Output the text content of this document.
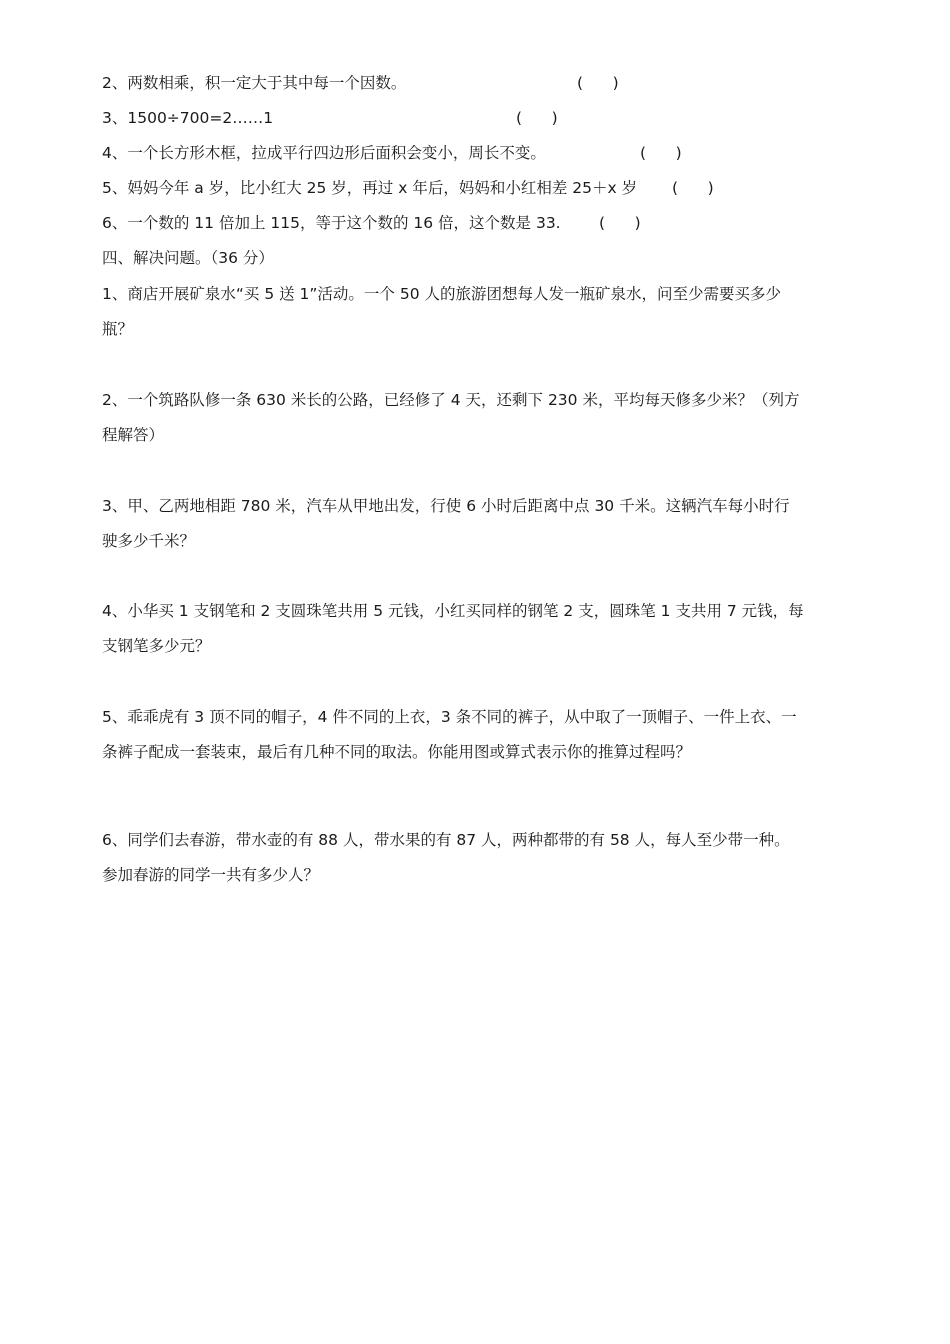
2、两数相乘，积一定大于其中每一个因数。	(      )
3、1500÷700=2……1	(      )
4、一个长方形木框，拉成平行四边形后面积会变小，周长不变。	(      )
5、妈妈今年 a 岁，比小红大 25 岁，再过 x 年后，妈妈和小红相差 25＋x 岁 (      )
6、一个数的 11 倍加上 115，等于这个数的 16 倍，这个数是 33. (      )
四、解决问题。（36 分）
1、商店开展矿泉水“买 5 送 1”活动。一个 50 人的旅游团想每人发一瓶矿泉水，问至少需要买多少
瓶？
2、一个筑路队修一条 630 米长的公路，已经修了 4 天，还剩下 230 米，平均每天修多少米？（列方
程解答）
3、甲、乙两地相距 780 米，汽车从甲地出发，行使 6 小时后距离中点 30 千米。这辆汽车每小时行
驶多少千米？
4、小华买 1 支钢笔和 2 支圆珠笔共用 5 元钱，小红买同样的钢笔 2 支，圆珠笔 1 支共用 7 元钱，每
支钢笔多少元？
5、乖乖虎有 3 顶不同的帽子，4 件不同的上衣，3 条不同的裤子，从中取了一顶帽子、一件上衣、一
条裤子配成一套装束，最后有几种不同的取法。你能用图或算式表示你的推算过程吗？
6、同学们去春游，带水壶的有 88 人，带水果的有 87 人，两种都带的有 58 人，每人至少带一种。
参加春游的同学一共有多少人？
